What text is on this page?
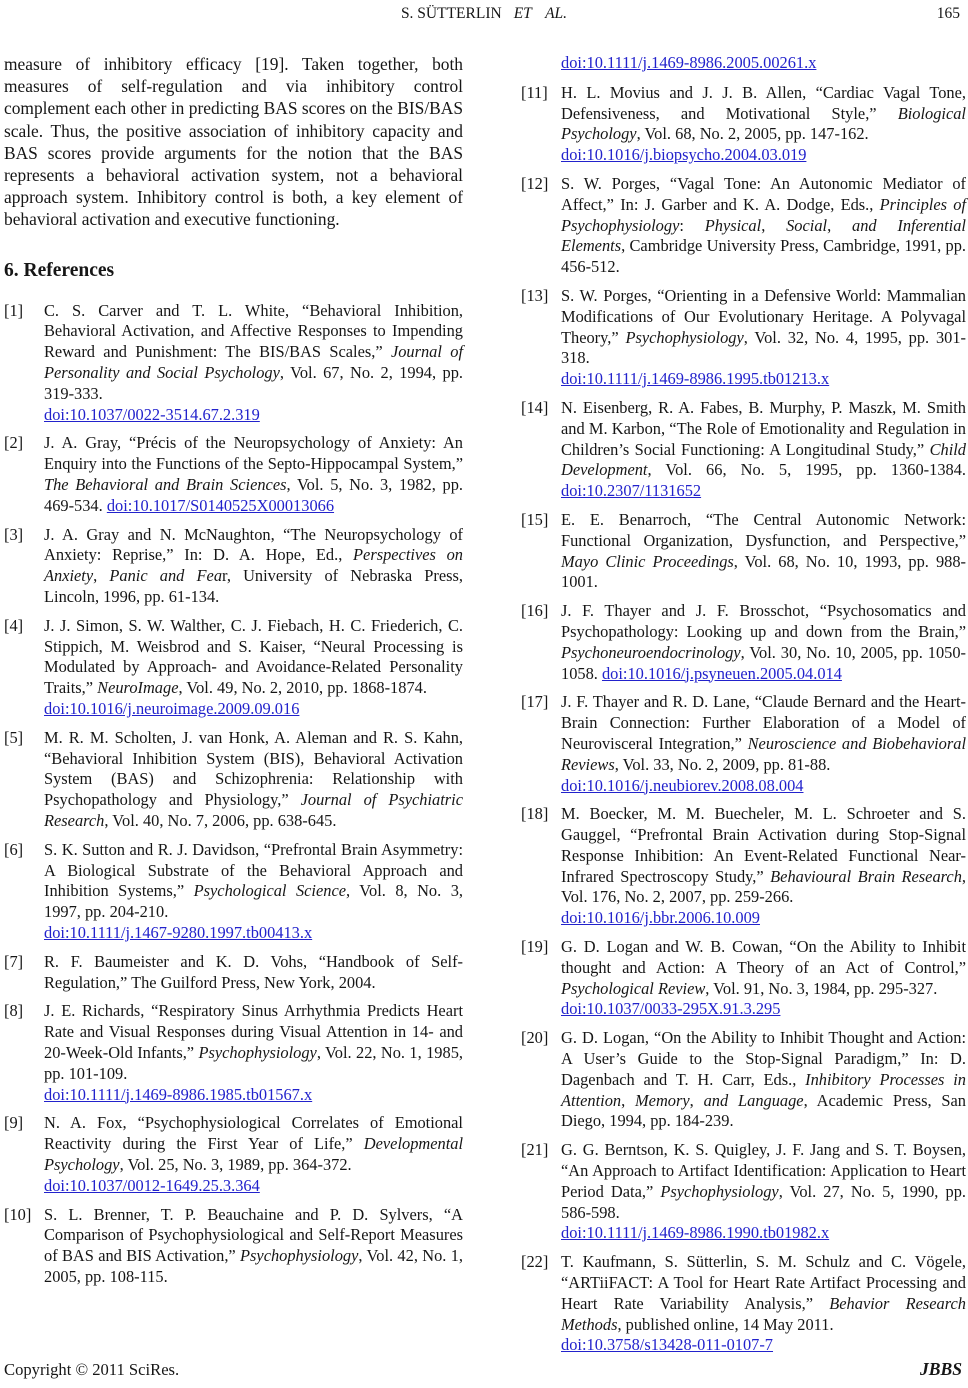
S. SÜTTERLIN ET AL.	165

measure of inhibitory efficacy [19]. Taken together, both measures of self-regulation and via inhibitory control complement each other in predicting BAS scores on the BIS/BAS scale. Thus, the positive association of inhibitory capacity and BAS scores provide arguments for the notion that the BAS represents a behavioral activation system, not a behavioral approach system. Inhibitory control is both, a key element of behavioral activation and executive functioning.

6. References
[1]	C. S. Carver and T. L. White, “Behavioral Inhibition, Behavioral Activation, and Affective Responses to Impending Reward and Punishment: The BIS/BAS Scales,” Journal of Personality and Social Psychology, Vol. 67, No. 2, 1994, pp. 319-333.
doi:10.1037/0022-3514.67.2.319
[2]	J. A. Gray, “Précis of the Neuropsychology of Anxiety: An Enquiry into the Functions of the Septo-Hippocampal System,” The Behavioral and Brain Sciences, Vol. 5, No. 3, 1982, pp. 469-534. doi:10.1017/S0140525X00013066
[3]	J. A. Gray and N. McNaughton, “The Neuropsychology of Anxiety: Reprise,” In: D. A. Hope, Ed., Perspectives on Anxiety, Panic and Fear, University of Nebraska Press, Lincoln, 1996, pp. 61-134.
[4]	J. J. Simon, S. W. Walther, C. J. Fiebach, H. C. Friederich, C. Stippich, M. Weisbrod and S. Kaiser, “Neural Processing is Modulated by Approach- and Avoidance-Related Personality Traits,” NeuroImage, Vol. 49, No. 2, 2010, pp. 1868-1874.
doi:10.1016/j.neuroimage.2009.09.016
[5]	M. R. M. Scholten, J. van Honk, A. Aleman and R. S. Kahn, “Behavioral Inhibition System (BIS), Behavioral Activation System (BAS) and Schizophrenia: Relationship with Psychopathology and Physiology,” Journal of Psychiatric Research, Vol. 40, No. 7, 2006, pp. 638-645.
[6]	S. K. Sutton and R. J. Davidson, “Prefrontal Brain Asymmetry: A Biological Substrate of the Behavioral Approach and Inhibition Systems,” Psychological Science, Vol. 8, No. 3, 1997, pp. 204-210.
doi:10.1111/j.1467-9280.1997.tb00413.x
[7]	R. F. Baumeister and K. D. Vohs, “Handbook of Self-Regulation,” The Guilford Press, New York, 2004.
[8]	J. E. Richards, “Respiratory Sinus Arrhythmia Predicts Heart Rate and Visual Responses during Visual Attention in 14- and 20-Week-Old Infants,” Psychophysiology, Vol. 22, No. 1, 1985, pp. 101-109.
doi:10.1111/j.1469-8986.1985.tb01567.x
[9]	N. A. Fox, “Psychophysiological Correlates of Emotional Reactivity during the First Year of Life,” Developmental Psychology, Vol. 25, No. 3, 1989, pp. 364-372.
doi:10.1037/0012-1649.25.3.364
[10] S. L. Brenner, T. P. Beauchaine and P. D. Sylvers, “A Comparison of Psychophysiological and Self-Report Measures of BAS and BIS Activation,” Psychophysiology, Vol. 42, No. 1, 2005, pp. 108-115.
doi:10.1111/j.1469-8986.2005.00261.x
[11] H. L. Movius and J. J. B. Allen, “Cardiac Vagal Tone, Defensiveness, and Motivational Style,” Biological Psychology, Vol. 68, No. 2, 2005, pp. 147-162.
doi:10.1016/j.biopsycho.2004.03.019
[12] S. W. Porges, “Vagal Tone: An Autonomic Mediator of Affect,” In: J. Garber and K. A. Dodge, Eds., Principles of Psychophysiology: Physical, Social, and Inferential Elements, Cambridge University Press, Cambridge, 1991, pp. 456-512.
[13] S. W. Porges, “Orienting in a Defensive World: Mammalian Modifications of Our Evolutionary Heritage. A Polyvagal Theory,” Psychophysiology, Vol. 32, No. 4, 1995, pp. 301-318.
doi:10.1111/j.1469-8986.1995.tb01213.x
[14] N. Eisenberg, R. A. Fabes, B. Murphy, P. Maszk, M. Smith and M. Karbon, “The Role of Emotionality and Regulation in Children’s Social Functioning: A Longitudinal Study,” Child Development, Vol. 66, No. 5, 1995, pp. 1360-1384. doi:10.2307/1131652
[15] E. E. Benarroch, “The Central Autonomic Network: Functional Organization, Dysfunction, and Perspective,” Mayo Clinic Proceedings, Vol. 68, No. 10, 1993, pp. 988-1001.
[16] J. F. Thayer and J. F. Brosschot, “Psychosomatics and Psychopathology: Looking up and down from the Brain,” Psychoneuroendocrinology, Vol. 30, No. 10, 2005, pp. 1050-1058. doi:10.1016/j.psyneuen.2005.04.014
[17] J. F. Thayer and R. D. Lane, “Claude Bernard and the Heart-Brain Connection: Further Elaboration of a Model of Neurovisceral Integration,” Neuroscience and Biobehavioral Reviews, Vol. 33, No. 2, 2009, pp. 81-88.
doi:10.1016/j.neubiorev.2008.08.004
[18] M. Boecker, M. M. Buecheler, M. L. Schroeter and S. Gauggel, “Prefrontal Brain Activation during Stop-Signal Response Inhibition: An Event-Related Functional Near-Infrared Spectroscopy Study,” Behavioural Brain Research, Vol. 176, No. 2, 2007, pp. 259-266.
doi:10.1016/j.bbr.2006.10.009
[19] G. D. Logan and W. B. Cowan, “On the Ability to Inhibit thought and Action: A Theory of an Act of Control,” Psychological Review, Vol. 91, No. 3, 1984, pp. 295-327.
doi:10.1037/0033-295X.91.3.295
[20] G. D. Logan, “On the Ability to Inhibit Thought and Action: A User’s Guide to the Stop-Signal Paradigm,” In: D. Dagenbach and T. H. Carr, Eds., Inhibitory Processes in Attention, Memory, and Language, Academic Press, San Diego, 1994, pp. 184-239.
[21] G. G. Berntson, K. S. Quigley, J. F. Jang and S. T. Boysen, “An Approach to Artifact Identification: Application to Heart Period Data,” Psychophysiology, Vol. 27, No. 5, 1990, pp. 586-598.
doi:10.1111/j.1469-8986.1990.tb01982.x
[22] T. Kaufmann, S. Sütterlin, S. M. Schulz and C. Vögele, “ARTiiFACT: A Tool for Heart Rate Artifact Processing and Heart Rate Variability Analysis,” Behavior Research Methods, published online, 14 May 2011.
doi:10.3758/s13428-011-0107-7
Copyright © 2011 SciRes.	JBBS
